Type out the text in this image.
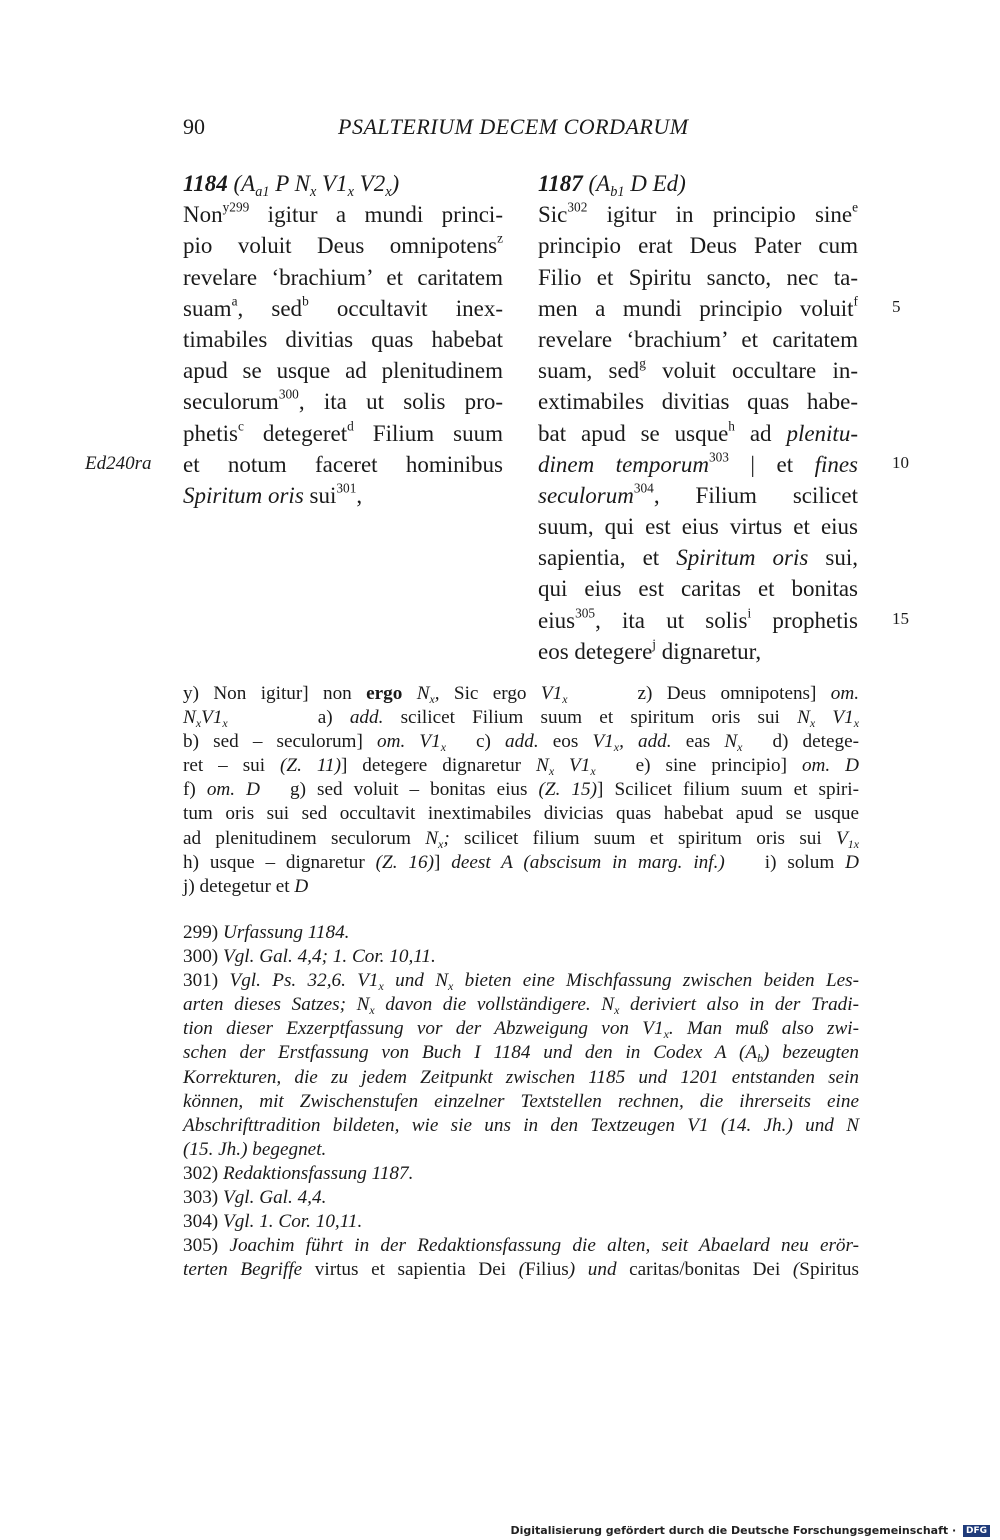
90	PSALTERIUM DECEM CORDARUM
Ed240ra
5
10
15
1184 ($A_{a1}$ P $N_x$ $V1_x$ $V2_x$)
Non$^{y299}$ igitur a mundi princi-
pio voluit Deus omnipotens$^z$
revelare ‘brachium’ et caritatem
suam$^a$, sed$^b$ occultavit inex-
timabiles divitias quas habebat
apud se usque ad plenitudinem
seculorum$^{300}$, ita ut solis pro-
phetis$^c$ detegeret$^d$ Filium suum
et notum faceret hominibus
Spiritum oris sui$^{301}$,
1187 ($A_{b1}$ D Ed)
Sic$^{302}$ igitur in principio sine$^e$
principio erat Deus Pater cum
Filio et Spiritu sancto, nec ta-
men a mundi principio voluit$^f$
revelare ‘brachium’ et caritatem
suam, sed$^g$ voluit occultare in-
extimabiles divitias quas habe-
bat apud se usque$^h$ ad plenitu-
dinem temporum$^{303}$ | et fines
seculorum$^{304}$, Filium scilicet
suum, qui est eius virtus et eius
sapientia, et Spiritum oris sui,
qui eius est caritas et bonitas
eius$^{305}$, ita ut solis$^i$ prophetis
eos detegere$^j$ dignaretur,
y) Non igitur] non ergo $N_x$, Sic ergo $V1_x$	z) Deus omnipotens] om.
$N_xV1_x$	a) add. scilicet Filium suum et spiritum oris sui $N_x$ $V1_x$
b) sed – seculorum] om. $V1_x$ c) add. eos $V1_x$, add. eas $N_x$ d) detege-
ret – sui (Z. 11)] detegere dignaretur $N_x$ $V1_x$ e) sine principio] om. D
f) om. D g) sed voluit – bonitas eius (Z. 15)] Scilicet filium suum et spiri-
tum oris sui sed occultavit inextimabiles divicias quas habebat apud se usque
ad plenitudinem seculorum $N_x$; scilicet filium suum et spiritum oris sui $V_{1x}$
h) usque – dignaretur (Z. 16)] deest A (abscisum in marg. inf.) i) solum D
j) detegetur et D
299) Urfassung 1184.
300) Vgl. Gal. 4,4; 1. Cor. 10,11.
301) Vgl. Ps. 32,6. $V1_x$ und $N_x$ bieten eine Mischfassung zwischen beiden Les-
arten dieses Satzes; $N_x$ davon die vollständigere. $N_x$ deriviert also in der Tradi-
tion dieser Exzerptfassung vor der Abzweigung von $V1_x$. Man muß also zwi-
schen der Erstfassung von Buch I 1184 und den in Codex A $(A_b)$ bezeugten
Korrekturen, die zu jedem Zeitpunkt zwischen 1185 und 1201 entstanden sein
können, mit Zwischenstufen einzelner Textstellen rechnen, die ihrerseits eine
Abschrifttradition bildeten, wie sie uns in den Textzeugen V1 (14. Jh.) und N
(15. Jh.) begegnet.
302) Redaktionsfassung 1187.
303) Vgl. Gal. 4,4.
304) Vgl. 1. Cor. 10,11.
305) Joachim führt in der Redaktionsfassung die alten, seit Abaelard neu erör-
terten Begriffe virtus et sapientia Dei (Filius) und caritas/bonitas Dei (Spiritus
Digitalisierung gefördert durch die Deutsche Forschungsgemeinschaft · DFG
